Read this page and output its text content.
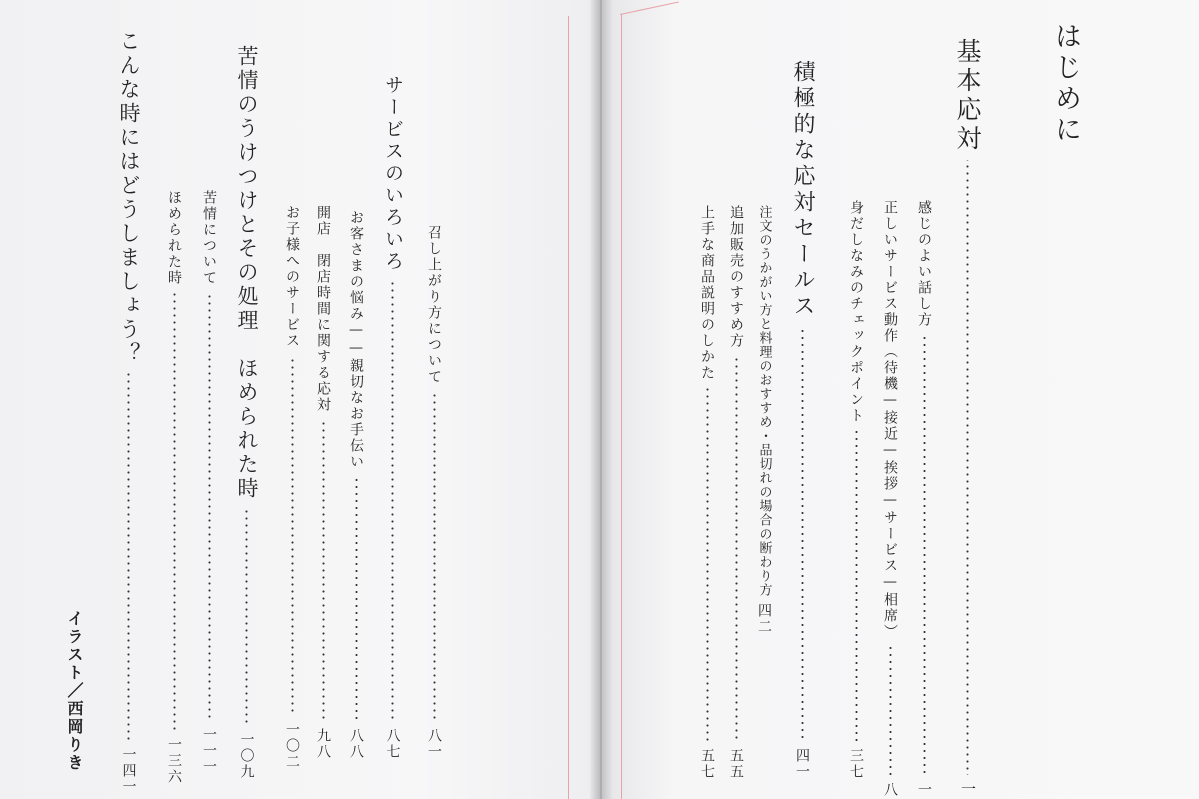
はじめに
基本応対
一
感じのよい話し方
一
正しいサービス動作（待機—接近—挨拶—サービス—相席）
八
身だしなみのチェックポイント
三七
積極的な応対セールス
四一
注文のうかがい方と料理のおすすめ・品切れの場合の断わり方
四二
追加販売のすすめ方
五五
上手な商品説明のしかた
五七
召し上がり方について
八一
サービスのいろいろ
八七
お客さまの悩み——親切なお手伝い
八八
開店　閉店時間に関する応対
九八
お子様へのサービス
一〇二
苦情のうけつけとその処理　ほめられた時
一〇九
苦情について
一一一
ほめられた時
一三六
こんな時にはどうしましょう？
一四一
イラスト／西岡りき
